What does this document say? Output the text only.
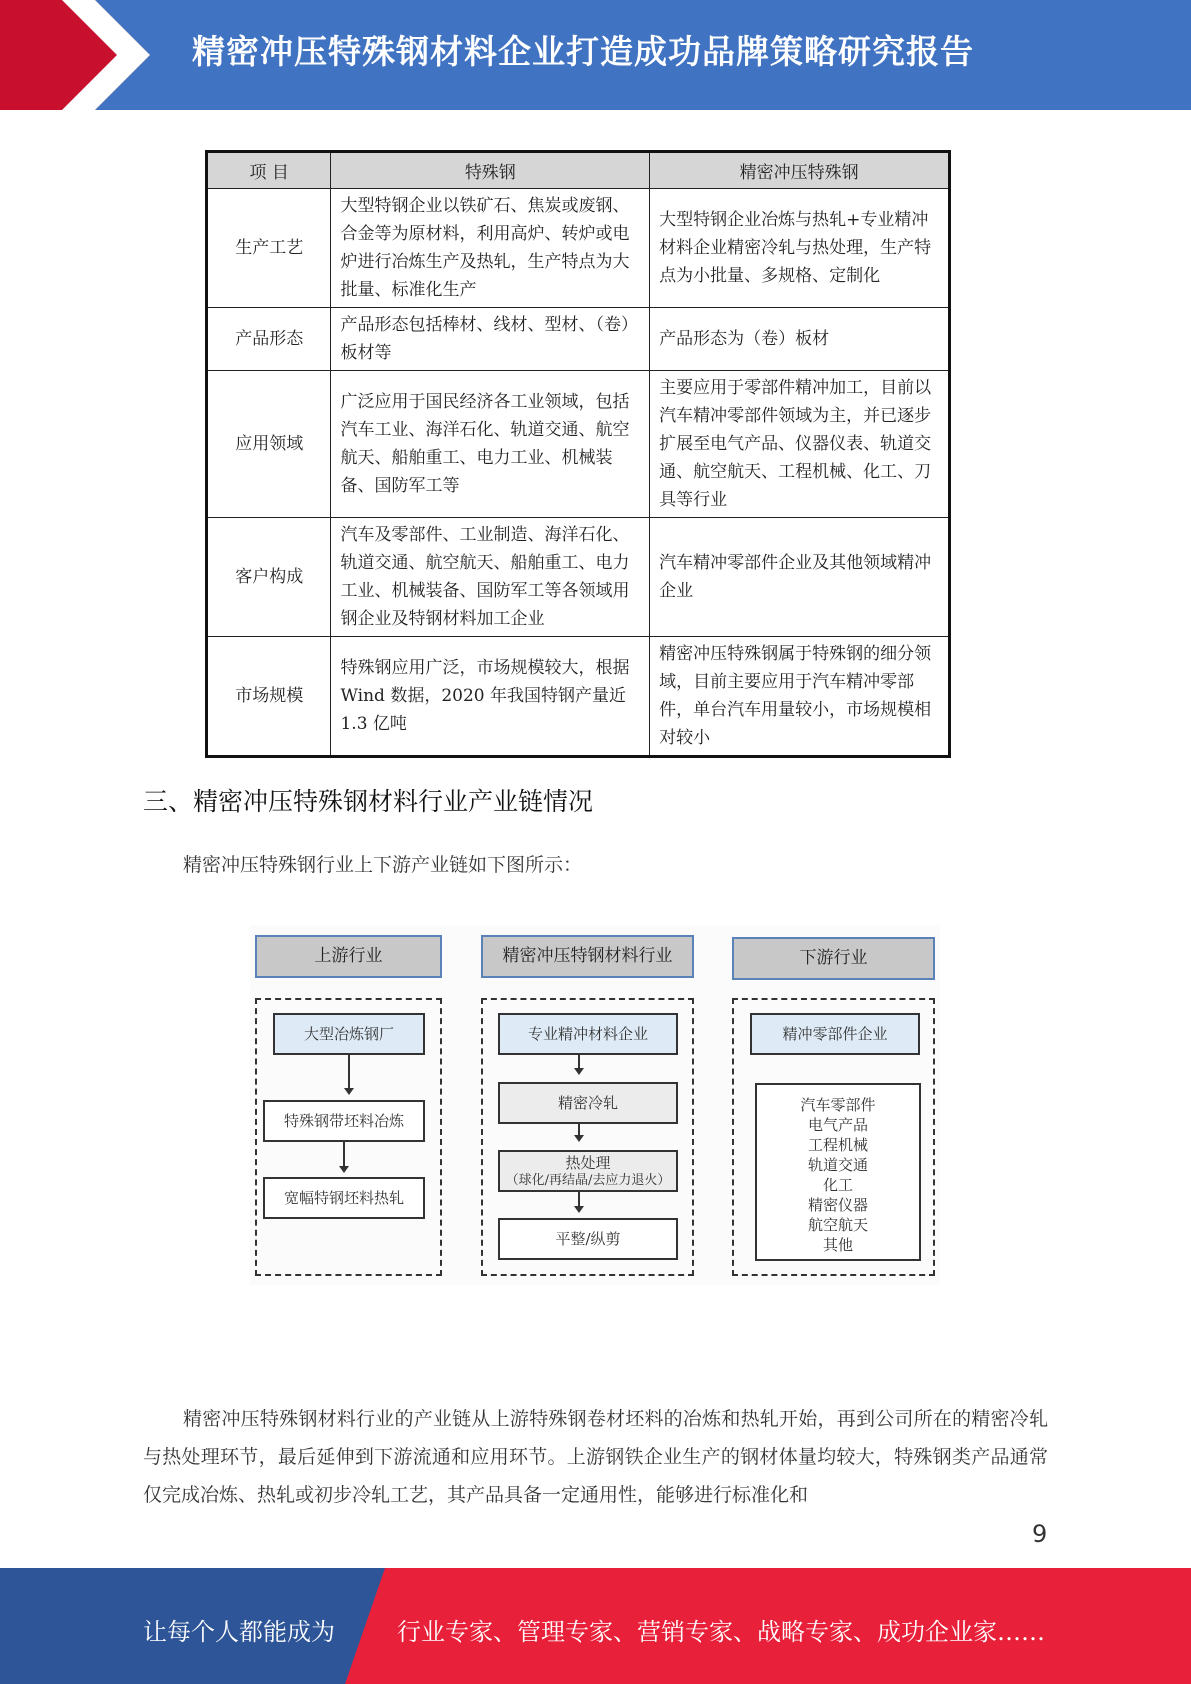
精密冲压特殊钢材料企业打造成功品牌策略研究报告
项 目	特殊钢	精密冲压特殊钢
生产工艺	大型特钢企业以铁矿石、焦炭或废钢、合金等为原材料，利用高炉、转炉或电炉进行冶炼生产及热轧，生产特点为大批量、标准化生产	大型特钢企业冶炼与热轧+专业精冲材料企业精密冷轧与热处理，生产特点为小批量、多规格、定制化
产品形态	产品形态包括棒材、线材、型材、（卷）板材等	产品形态为（卷）板材
应用领域	广泛应用于国民经济各工业领域，包括汽车工业、海洋石化、轨道交通、航空航天、船舶重工、电力工业、机械装备、国防军工等	主要应用于零部件精冲加工，目前以汽车精冲零部件领域为主，并已逐步扩展至电气产品、仪器仪表、轨道交通、航空航天、工程机械、化工、刀具等行业
客户构成	汽车及零部件、工业制造、海洋石化、轨道交通、航空航天、船舶重工、电力工业、机械装备、国防军工等各领域用钢企业及特钢材料加工企业	汽车精冲零部件企业及其他领域精冲企业
市场规模	特殊钢应用广泛，市场规模较大，根据 Wind 数据，2020 年我国特钢产量近 1.3 亿吨	精密冲压特殊钢属于特殊钢的细分领域，目前主要应用于汽车精冲零部件，单台汽车用量较小，市场规模相对较小
三、精密冲压特殊钢材料行业产业链情况
精密冲压特殊钢行业上下游产业链如下图所示：
上游行业
大型冶炼钢厂
特殊钢带坯料冶炼
宽幅特钢坯料热轧
精密冲压特钢材料行业
专业精冲材料企业
精密冷轧
热处理
（球化/再结晶/去应力退火）
平整/纵剪
下游行业
精冲零部件企业
汽车零部件
电气产品
工程机械
轨道交通
化工
精密仪器
航空航天
其他
精密冲压特殊钢材料行业的产业链从上游特殊钢卷材坯料的冶炼和热轧开始，再到公司所在的精密冷轧与热处理环节，最后延伸到下游流通和应用环节。上游钢铁企业生产的钢材体量均较大，特殊钢类产品通常仅完成冶炼、热轧或初步冷轧工艺，其产品具备一定通用性，能够进行标准化和
9
让每个人都能成为	行业专家、管理专家、营销专家、战略专家、成功企业家……
